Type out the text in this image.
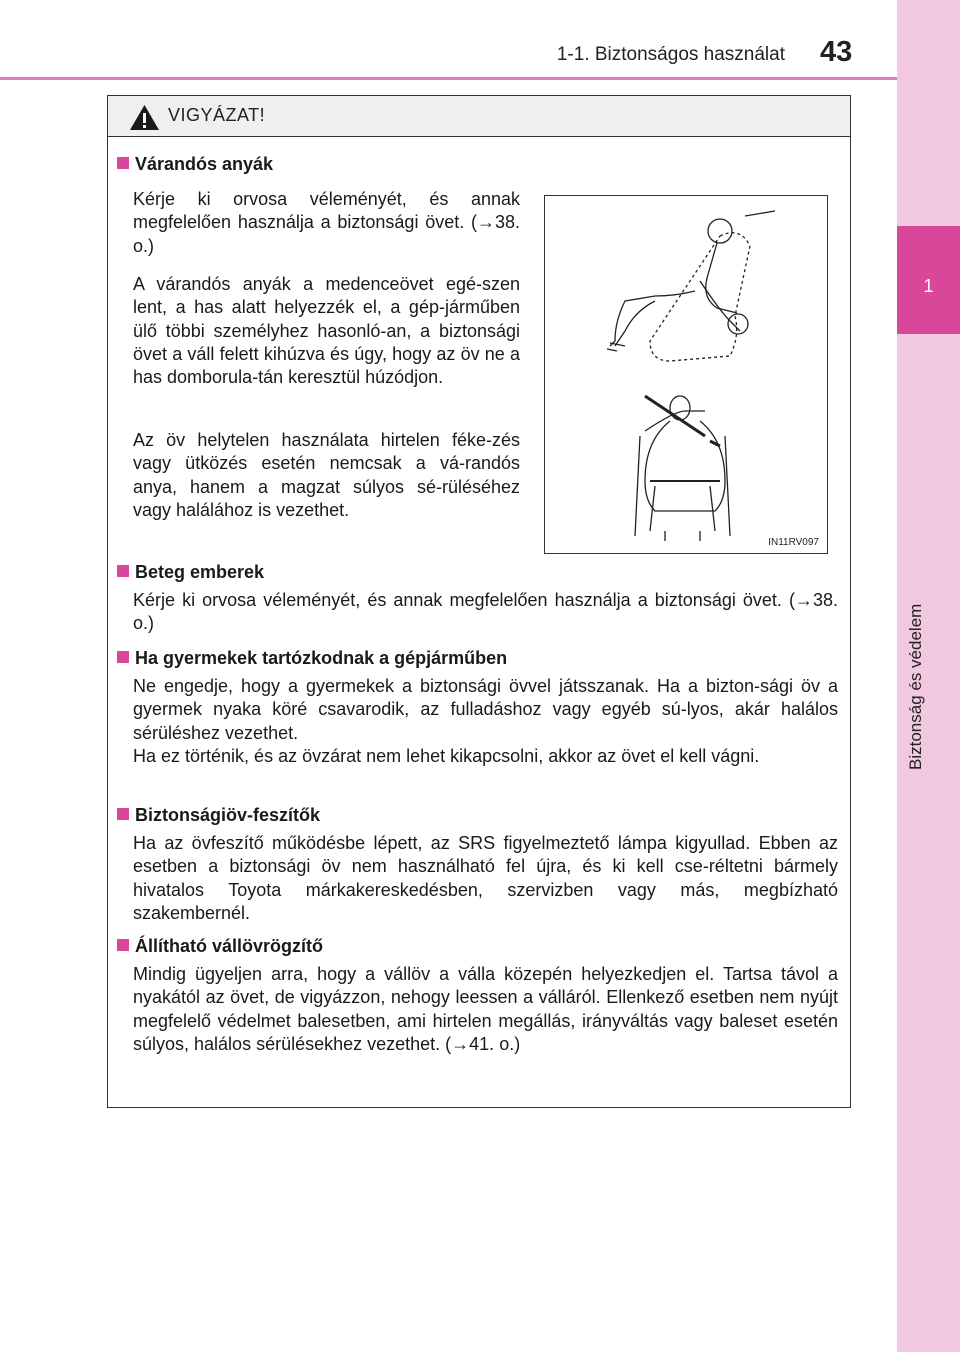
1-1. Biztonságos használat 43
1
Biztonság és védelem
VIGYÁZAT!
Várandós anyák
Kérje ki orvosa véleményét, és annak megfelelően használja a biztonsági övet. (→38. o.)
A várandós anyák a medenceövet egé-szen lent, a has alatt helyezzék el, a gép-járműben ülő többi személyhez hasonló-an, a biztonsági övet a váll felett kihúzva és úgy, hogy az öv ne a has domborula-tán keresztül húzódjon.
Az öv helytelen használata hirtelen féke-zés vagy ütközés esetén nemcsak a vá-randós anya, hanem a magzat súlyos sé-rüléséhez vagy halálához is vezethet.
IN11RV097
Beteg emberek
Kérje ki orvosa véleményét, és annak megfelelően használja a biztonsági övet. (→38. o.)
Ha gyermekek tartózkodnak a gépjárműben
Ne engedje, hogy a gyermekek a biztonsági övvel játsszanak. Ha a bizton-sági öv a gyermek nyaka köré csavarodik, az fulladáshoz vagy egyéb sú-lyos, akár halálos sérüléshez vezethet.
Ha ez történik, és az övzárat nem lehet kikapcsolni, akkor az övet el kell vágni.
Biztonságiöv-feszítők
Ha az övfeszítő működésbe lépett, az SRS figyelmeztető lámpa kigyullad. Ebben az esetben a biztonsági öv nem használható fel újra, és ki kell cse-réltetni bármely hivatalos Toyota márkakereskedésben, szervizben vagy más, megbízható szakembernél.
Állítható vállövrögzítő
Mindig ügyeljen arra, hogy a vállöv a válla közepén helyezkedjen el. Tartsa távol a nyakától az övet, de vigyázzon, nehogy leessen a válláról. Ellenkező esetben nem nyújt megfelelő védelmet balesetben, ami hirtelen megállás, irányváltás vagy baleset esetén súlyos, halálos sérülésekhez vezethet. (→41. o.)
